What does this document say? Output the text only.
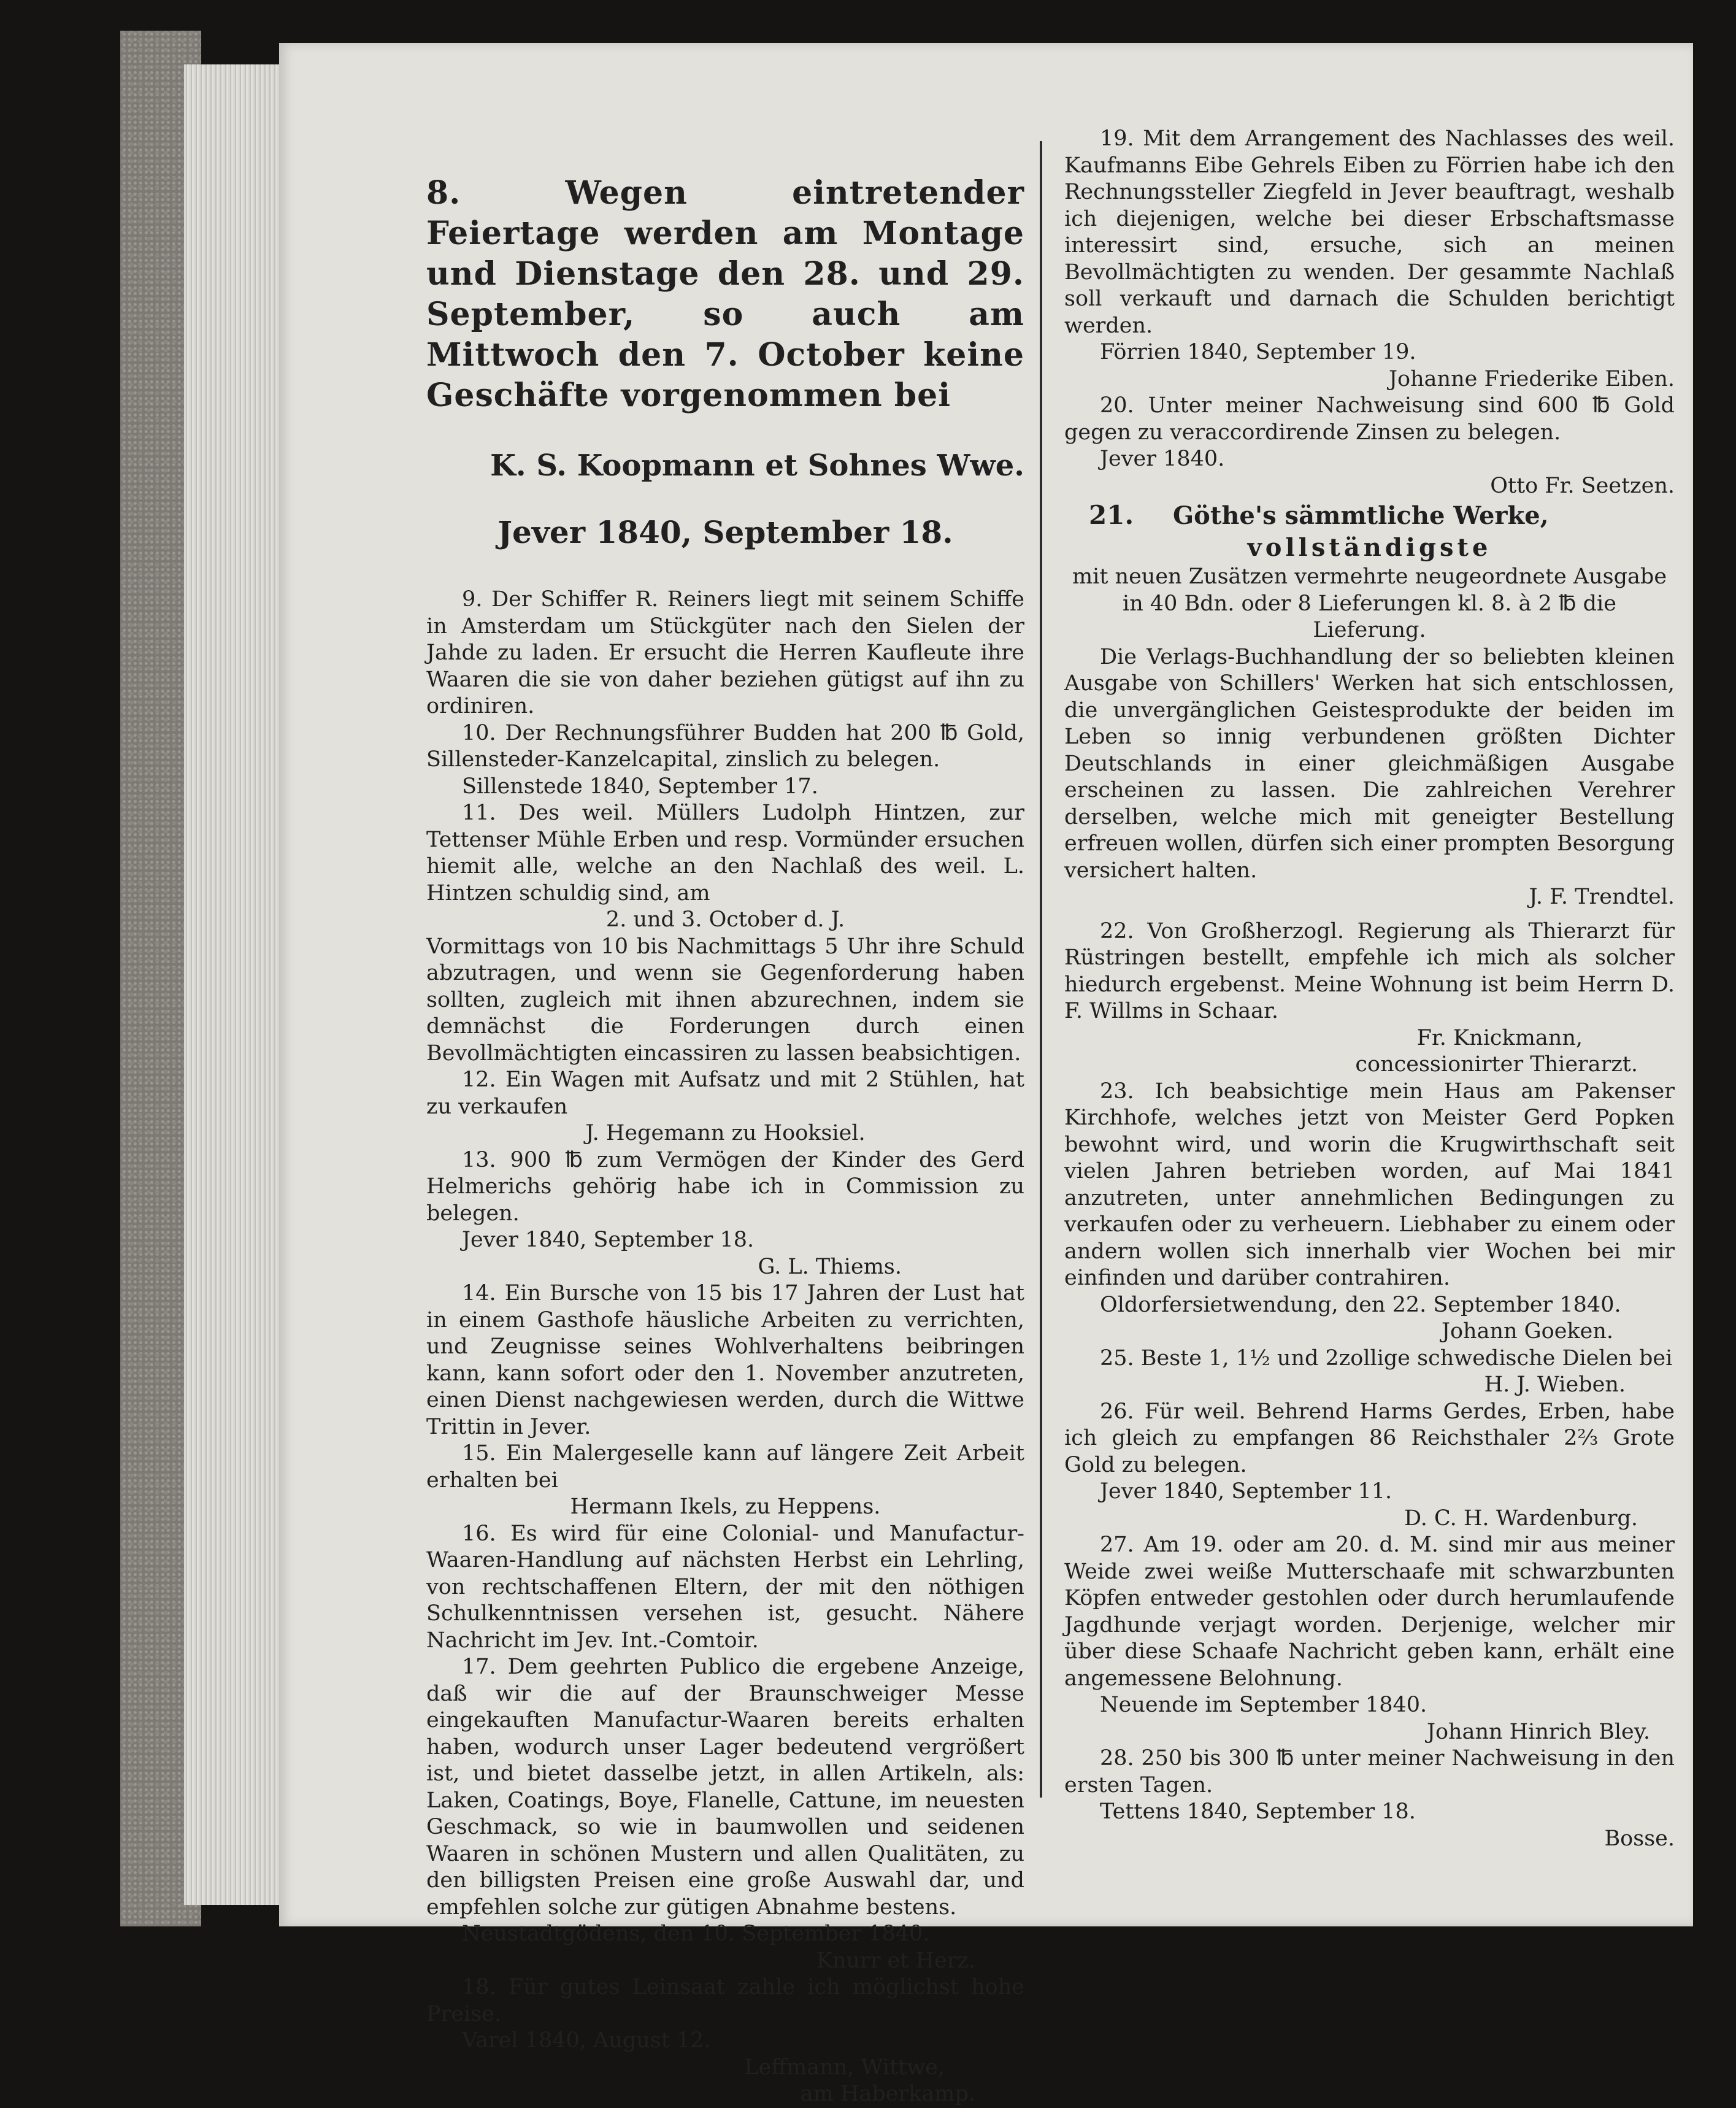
8. Wegen eintretender Feiertage werden am Montage und Dienstage den 28. und 29. September, so auch am Mittwoch den 7. October keine Geschäfte vorgenommen bei

K. S. Koopmann et Sohnes Wwe.

Jever 1840, September 18.

9. Der Schiffer R. Reiners liegt mit seinem Schiffe in Amsterdam um Stückgüter nach den Sielen der Jahde zu laden. Er ersucht die Herren Kaufleute ihre Waaren die sie von daher beziehen gütigst auf ihn zu ordiniren.

10. Der Rechnungsführer Budden hat 200 ℔ Gold, Sillensteder-Kanzelcapital, zinslich zu belegen.

Sillenstede 1840, September 17.

11. Des weil. Müllers Ludolph Hintzen, zur Tettenser Mühle Erben und resp. Vormünder ersuchen hiemit alle, welche an den Nachlaß des weil. L. Hintzen schuldig sind, am

2. und 3. October d. J.

Vormittags von 10 bis Nachmittags 5 Uhr ihre Schuld abzutragen, und wenn sie Gegenforderung haben sollten, zugleich mit ihnen abzurechnen, indem sie demnächst die Forderungen durch einen Bevollmächtigten eincassiren zu lassen beabsichtigen.

12. Ein Wagen mit Aufsatz und mit 2 Stühlen, hat zu verkaufen

J. Hegemann zu Hooksiel.

13. 900 ℔ zum Vermögen der Kinder des Gerd Helmerichs gehörig habe ich in Commission zu belegen.

Jever 1840, September 18.

G. L. Thiems.

14. Ein Bursche von 15 bis 17 Jahren der Lust hat in einem Gasthofe häusliche Arbeiten zu verrichten, und Zeugnisse seines Wohlverhaltens beibringen kann, kann sofort oder den 1. November anzutreten, einen Dienst nachgewiesen werden, durch die Wittwe Trittin in Jever.

15. Ein Malergeselle kann auf längere Zeit Arbeit erhalten bei

Hermann Ikels, zu Heppens.

16. Es wird für eine Colonial- und Manufactur-Waaren-Handlung auf nächsten Herbst ein Lehrling, von rechtschaffenen Eltern, der mit den nöthigen Schulkenntnissen versehen ist, gesucht. Nähere Nachricht im Jev. Int.-Comtoir.

17. Dem geehrten Publico die ergebene Anzeige, daß wir die auf der Braunschweiger Messe eingekauften Manufactur-Waaren bereits erhalten haben, wodurch unser Lager bedeutend vergrößert ist, und bietet dasselbe jetzt, in allen Artikeln, als: Laken, Coatings, Boye, Flanelle, Cattune, im neuesten Geschmack, so wie in baumwollen und seidenen Waaren in schönen Mustern und allen Qualitäten, zu den billigsten Preisen eine große Auswahl dar, und empfehlen solche zur gütigen Abnahme bestens.

Neustadtgödens, den 10. September 1840.

Knurr et Herz.

18. Für gutes Leinsaat zahle ich möglichst hohe Preise.

Varel 1840, August 12.

Leffmann, Wittwe,

am Haberkamp.

19. Mit dem Arrangement des Nachlasses des weil. Kaufmanns Eibe Gehrels Eiben zu Förrien habe ich den Rechnungssteller Ziegfeld in Jever beauftragt, weshalb ich diejenigen, welche bei dieser Erbschaftsmasse interessirt sind, ersuche, sich an meinen Bevollmächtigten zu wenden. Der gesammte Nachlaß soll verkauft und darnach die Schulden berichtigt werden.

Förrien 1840, September 19.

Johanne Friederike Eiben.

20. Unter meiner Nachweisung sind 600 ℔ Gold gegen zu veraccordirende Zinsen zu belegen.

Jever 1840.

Otto Fr. Seetzen.

21. Göthe's sämmtliche Werke,

vollständigste

mit neuen Zusätzen vermehrte neugeordnete Ausgabe

in 40 Bdn. oder 8 Lieferungen kl. 8. à 2 ℔ die Lieferung.

Die Verlags-Buchhandlung der so beliebten kleinen Ausgabe von Schillers' Werken hat sich entschlossen, die unvergänglichen Geistesprodukte der beiden im Leben so innig verbundenen größten Dichter Deutschlands in einer gleichmäßigen Ausgabe erscheinen zu lassen. Die zahlreichen Verehrer derselben, welche mich mit geneigter Bestellung erfreuen wollen, dürfen sich einer prompten Besorgung versichert halten.

J. F. Trendtel.

22. Von Großherzogl. Regierung als Thierarzt für Rüstringen bestellt, empfehle ich mich als solcher hiedurch ergebenst. Meine Wohnung ist beim Herrn D. F. Willms in Schaar.

Fr. Knickmann,

concessionirter Thierarzt.

23. Ich beabsichtige mein Haus am Pakenser Kirchhofe, welches jetzt von Meister Gerd Popken bewohnt wird, und worin die Krugwirthschaft seit vielen Jahren betrieben worden, auf Mai 1841 anzutreten, unter annehmlichen Bedingungen zu verkaufen oder zu verheuern. Liebhaber zu einem oder andern wollen sich innerhalb vier Wochen bei mir einfinden und darüber contrahiren.

Oldorfersietwendung, den 22. September 1840.

Johann Goeken.

25. Beste 1, 1½ und 2zollige schwedische Dielen bei

H. J. Wieben.

26. Für weil. Behrend Harms Gerdes, Erben, habe ich gleich zu empfangen 86 Reichsthaler 2⅔ Grote Gold zu belegen.

Jever 1840, September 11.

D. C. H. Wardenburg.

27. Am 19. oder am 20. d. M. sind mir aus meiner Weide zwei weiße Mutterschaafe mit schwarzbunten Köpfen entweder gestohlen oder durch herumlaufende Jagdhunde verjagt worden. Derjenige, welcher mir über diese Schaafe Nachricht geben kann, erhält eine angemessene Belohnung.

Neuende im September 1840.

Johann Hinrich Bley.

28. 250 bis 300 ℔ unter meiner Nachweisung in den ersten Tagen.

Tettens 1840, September 18.

Bosse.
